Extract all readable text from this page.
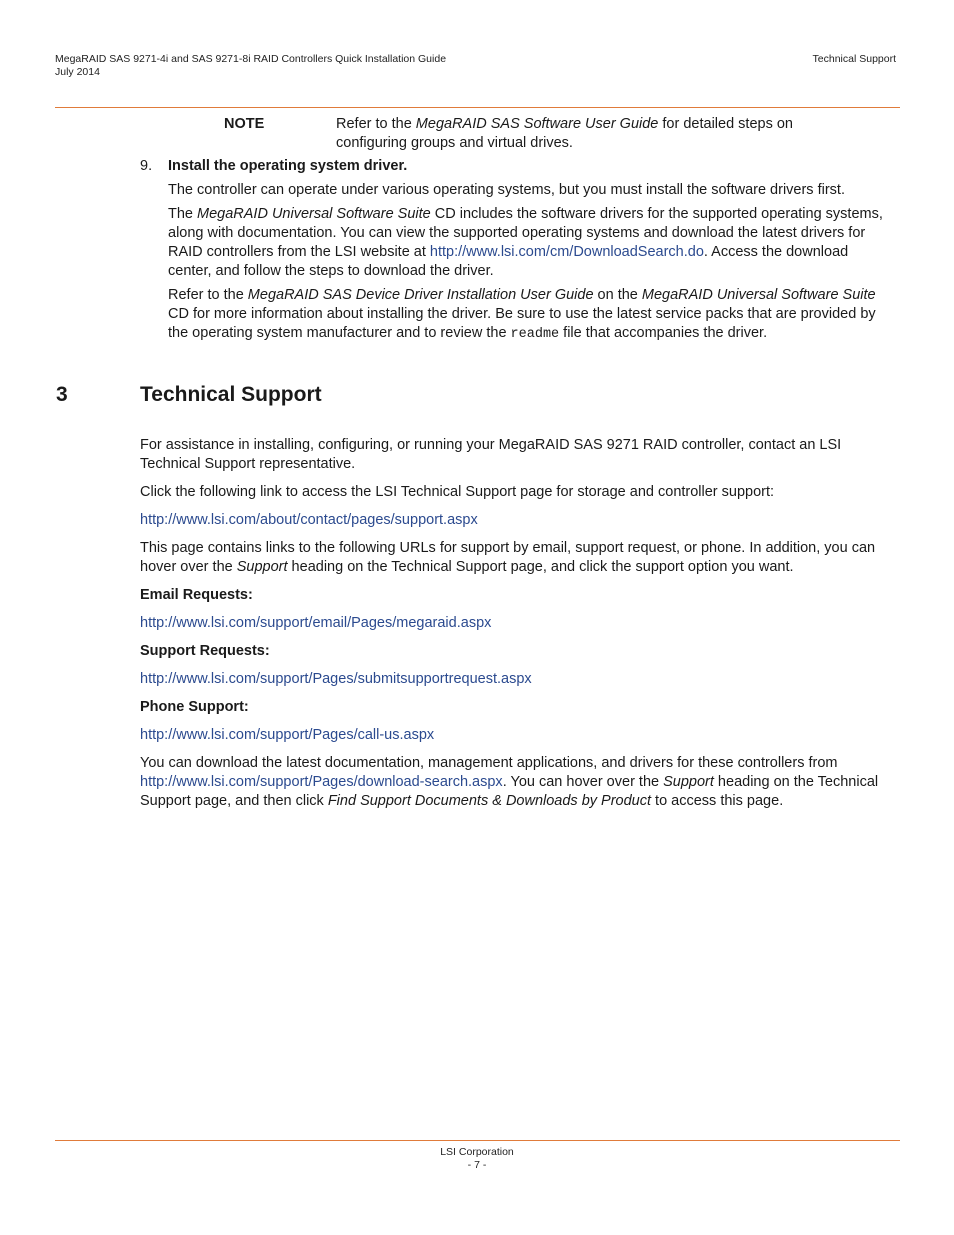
MegaRAID SAS 9271-4i and SAS 9271-8i RAID Controllers Quick Installation Guide
July 2014
Technical Support
NOTE	Refer to the MegaRAID SAS Software User Guide for detailed steps on configuring groups and virtual drives.
9. Install the operating system driver.

The controller can operate under various operating systems, but you must install the software drivers first.

The MegaRAID Universal Software Suite CD includes the software drivers for the supported operating systems, along with documentation. You can view the supported operating systems and download the latest drivers for RAID controllers from the LSI website at http://www.lsi.com/cm/DownloadSearch.do. Access the download center, and follow the steps to download the driver.

Refer to the MegaRAID SAS Device Driver Installation User Guide on the MegaRAID Universal Software Suite CD for more information about installing the driver. Be sure to use the latest service packs that are provided by the operating system manufacturer and to review the readme file that accompanies the driver.

3	Technical Support

For assistance in installing, configuring, or running your MegaRAID SAS 9271 RAID controller, contact an LSI Technical Support representative.

Click the following link to access the LSI Technical Support page for storage and controller support:

http://www.lsi.com/about/contact/pages/support.aspx

This page contains links to the following URLs for support by email, support request, or phone. In addition, you can hover over the Support heading on the Technical Support page, and click the support option you want.

Email Requests:

http://www.lsi.com/support/email/Pages/megaraid.aspx

Support Requests:

http://www.lsi.com/support/Pages/submitsupportrequest.aspx

Phone Support:

http://www.lsi.com/support/Pages/call-us.aspx

You can download the latest documentation, management applications, and drivers for these controllers from http://www.lsi.com/support/Pages/download-search.aspx. You can hover over the Support heading on the Technical Support page, and then click Find Support Documents & Downloads by Product to access this page.

LSI Corporation
- 7 -
